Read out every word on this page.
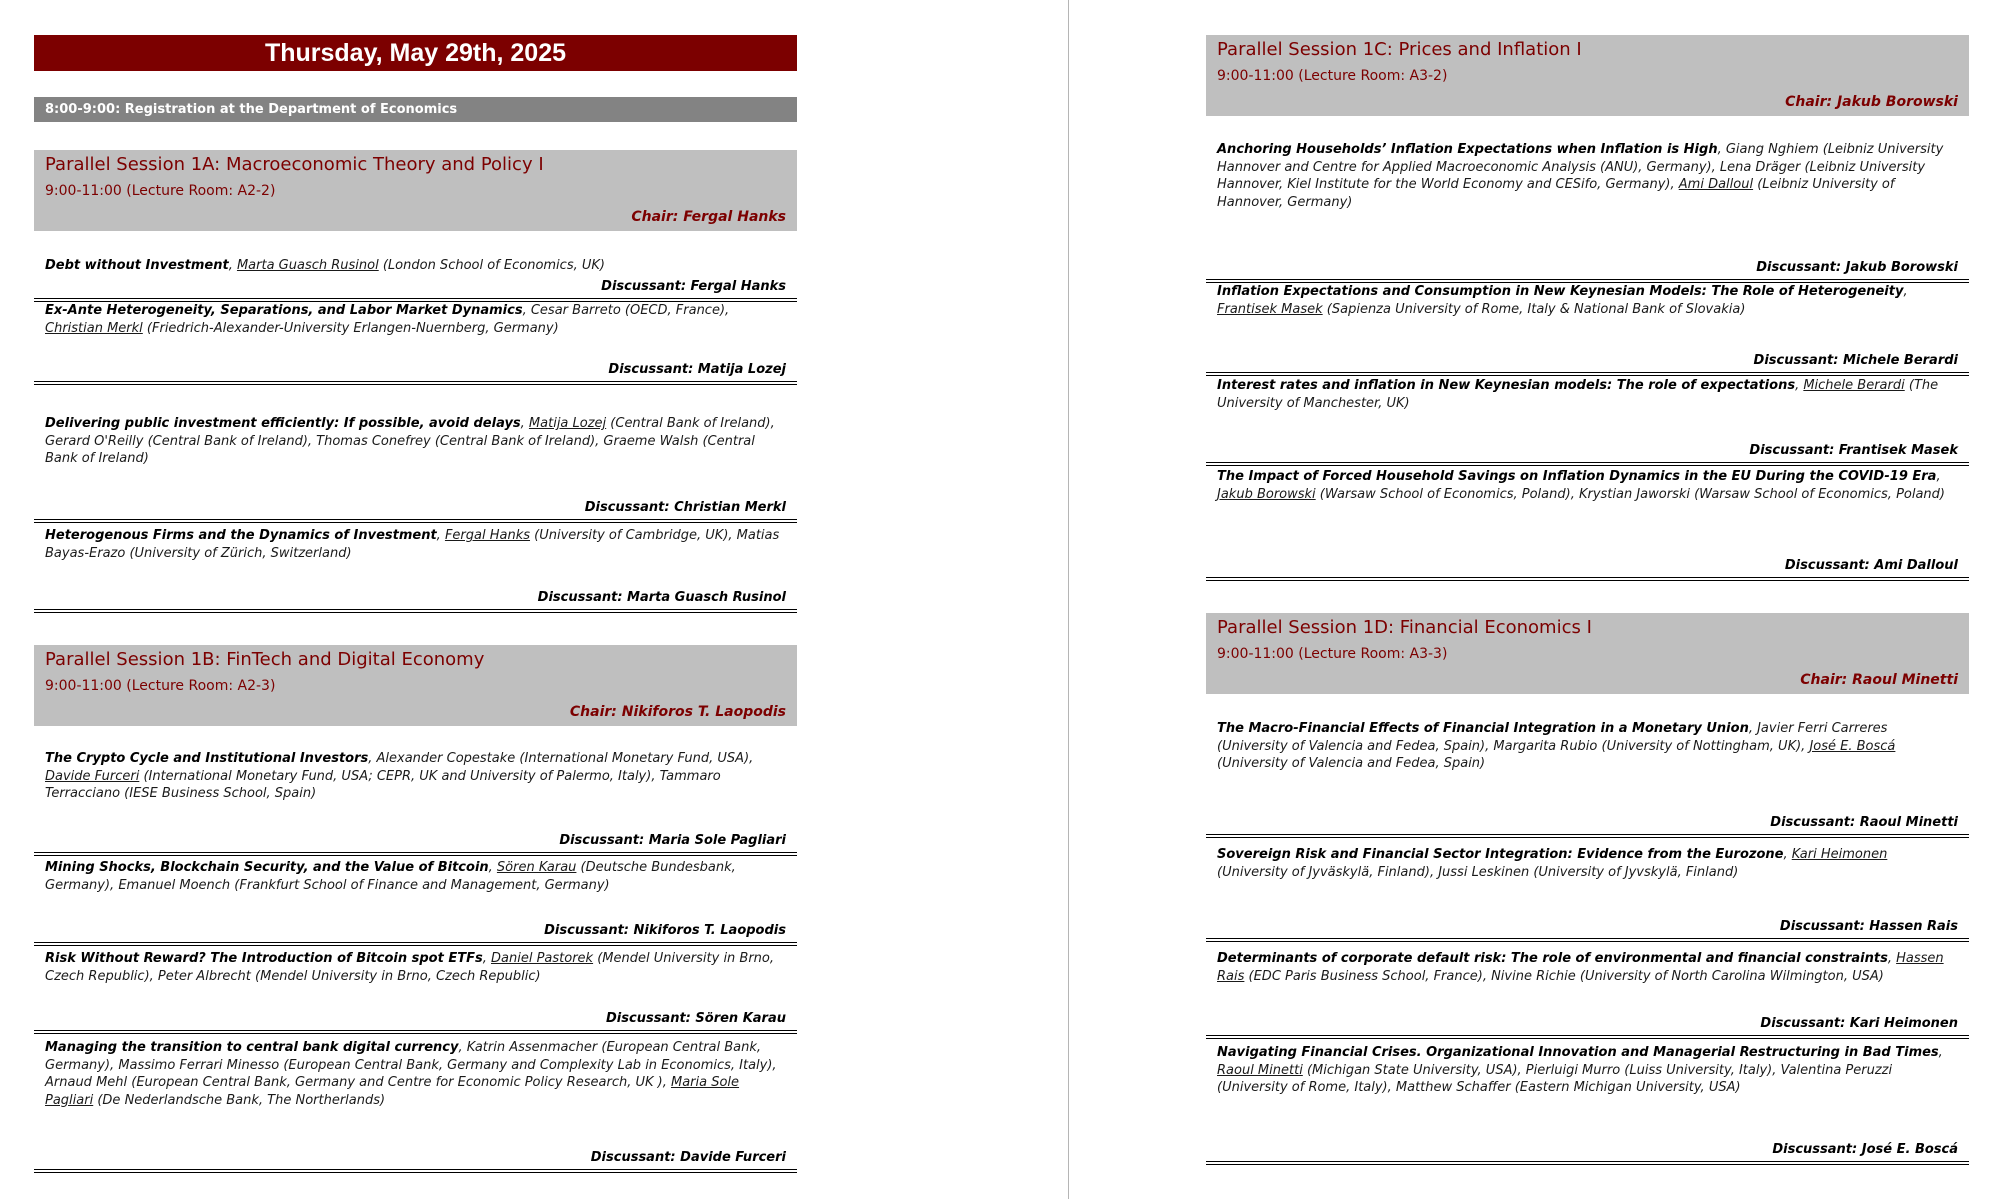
Thursday, May 29th, 2025
8:00-9:00: Registration at the Department of Economics
Parallel Session 1A: Macroeconomic Theory and Policy I
9:00-11:00 (Lecture Room: A2-2)
Chair: Fergal Hanks
Debt without Investment, Marta Guasch Rusinol (London School of Economics, UK)
Discussant: Fergal Hanks
Ex-Ante Heterogeneity, Separations, and Labor Market Dynamics, Cesar Barreto (OECD, France), Christian Merkl (Friedrich-Alexander-University Erlangen-Nuernberg, Germany)
Discussant: Matija Lozej
Delivering public investment efficiently: If possible, avoid delays, Matija Lozej (Central Bank of Ireland), Gerard O'Reilly (Central Bank of Ireland), Thomas Conefrey (Central Bank of Ireland), Graeme Walsh (Central Bank of Ireland)
Discussant: Christian Merkl
Heterogenous Firms and the Dynamics of Investment, Fergal Hanks (University of Cambridge, UK), Matias Bayas-Erazo (University of Zürich, Switzerland)
Discussant: Marta Guasch Rusinol
Parallel Session 1B: FinTech and Digital Economy
9:00-11:00 (Lecture Room: A2-3)
Chair: Nikiforos T. Laopodis
The Crypto Cycle and Institutional Investors, Alexander Copestake (International Monetary Fund, USA), Davide Furceri (International Monetary Fund, USA; CEPR, UK and University of Palermo, Italy), Tammaro Terracciano (IESE Business School, Spain)
Discussant: Maria Sole Pagliari
Mining Shocks, Blockchain Security, and the Value of Bitcoin, Sören Karau (Deutsche Bundesbank, Germany), Emanuel Moench (Frankfurt School of Finance and Management, Germany)
Discussant: Nikiforos T. Laopodis
Risk Without Reward? The Introduction of Bitcoin spot ETFs, Daniel Pastorek (Mendel University in Brno, Czech Republic), Peter Albrecht (Mendel University in Brno, Czech Republic)
Discussant: Sören Karau
Managing the transition to central bank digital currency, Katrin Assenmacher (European Central Bank, Germany), Massimo Ferrari Minesso (European Central Bank, Germany and Complexity Lab in Economics, Italy), Arnaud Mehl (European Central Bank, Germany and Centre for Economic Policy Research, UK ), Maria Sole Pagliari (De Nederlandsche Bank, The Northerlands)
Discussant: Davide Furceri
Parallel Session 1C: Prices and Inflation I
9:00-11:00 (Lecture Room: A3-2)
Chair: Jakub Borowski
Anchoring Households’ Inflation Expectations when Inflation is High, Giang Nghiem (Leibniz University Hannover and Centre for Applied Macroeconomic Analysis (ANU), Germany), Lena Dräger (Leibniz University Hannover, Kiel Institute for the World Economy and CESifo, Germany), Ami Dalloul (Leibniz University of Hannover, Germany)
Discussant: Jakub Borowski
Inflation Expectations and Consumption in New Keynesian Models: The Role of Heterogeneity, Frantisek Masek (Sapienza University of Rome, Italy & National Bank of Slovakia)
Discussant: Michele Berardi
Interest rates and inflation in New Keynesian models: The role of expectations, Michele Berardi (The University of Manchester, UK)
Discussant: Frantisek Masek
The Impact of Forced Household Savings on Inflation Dynamics in the EU During the COVID-19 Era, Jakub Borowski (Warsaw School of Economics, Poland), Krystian Jaworski (Warsaw School of Economics, Poland)
Discussant: Ami Dalloul
Parallel Session 1D: Financial Economics I
9:00-11:00 (Lecture Room: A3-3)
Chair: Raoul Minetti
The Macro-Financial Effects of Financial Integration in a Monetary Union, Javier Ferri Carreres (University of Valencia and Fedea, Spain), Margarita Rubio (University of Nottingham, UK), José E. Boscá (University of Valencia and Fedea, Spain)
Discussant: Raoul Minetti
Sovereign Risk and Financial Sector Integration: Evidence from the Eurozone, Kari Heimonen (University of Jyväskylä, Finland), Jussi Leskinen (University of Jyvskylä, Finland)
Discussant: Hassen Rais
Determinants of corporate default risk: The role of environmental and financial constraints, Hassen Rais (EDC Paris Business School, France), Nivine Richie (University of North Carolina Wilmington, USA)
Discussant: Kari Heimonen
Navigating Financial Crises. Organizational Innovation and Managerial Restructuring in Bad Times, Raoul Minetti (Michigan State University, USA), Pierluigi Murro (Luiss University, Italy), Valentina Peruzzi (University of Rome, Italy), Matthew Schaffer (Eastern Michigan University, USA)
Discussant: José E. Boscá
